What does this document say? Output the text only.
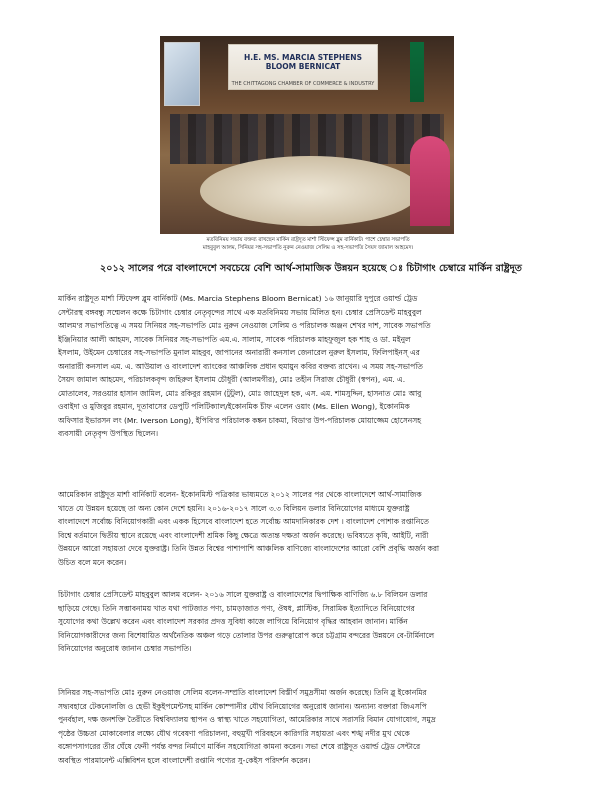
H.E. MS. MARCIA STEPHENS BLOOM BERNICAT
THE CHITTAGONG CHAMBER OF COMMERCE & INDUSTRY
মতবিনিময় সভায় বক্তব্য রাখছেন মার্কিন রাষ্ট্রদূত মার্শা স্টিফেন্স ব্লুম বার্নিকাট। পাশে চেম্বার সভাপতি
মাহবুবুল আলম, সিনিয়র সহ-সভাপতি নুরুন নেওয়াজ সেলিম ও সহ-সভাপতি সৈয়দ জামাল আহমেদ।
২০১২ সালের পরে বাংলাদেশে সবচেয়ে বেশি আর্থ-সামাজিক উন্নয়ন হয়েছে ঃ চিটাগাং চেম্বারে মার্কিন রাষ্ট্রদূত
মার্কিন রাষ্ট্রদূত মার্শা স্টিফেন্স ব্লুম বার্নিকাট (Ms. Marcia Stephens Bloom Bernicat) ১৬ জানুয়ারি দুপুরে ওয়ার্ল্ড ট্রেড
সেন্টারস্থ বঙ্গবন্ধু সম্মেলন কক্ষে চিটাগাং চেম্বার নেতৃবৃন্দের সাথে এক মতবিনিময় সভায় মিলিত হন। চেম্বার প্রেসিডেন্ট মাহবুবুল
আলম'র সভাপতিত্বে এ সময় সিনিয়র সহ-সভাপতি মোঃ নুরুন নেওয়াজ সেলিম ও পরিচালক অঞ্জন শেখর দাশ, সাবেক সভাপতি
ইঞ্জিনিয়ার আলী আহমদ, সাবেক সিনিয়র সহ-সভাপতি এম.এ. সালাম, সাবেক পরিচালক মাহফুজুল হক শাহ ও ডা. মইনুল
ইসলাম, উইমেন চেম্বারের সহ-সভাপতি মুনাল মাহবুব, জাপানের অনারারী কনসাল জেনারেল নুরুল ইসলাম, ফিলিপাইনস্ এর
অনারারী কনসাল এম. এ. আউয়াল ও বাংলাদেশ ব্যাংকের আঞ্চলিক প্রধান হুমায়ুন কবির বক্তব্য রাখেন। এ সময় সহ-সভাপতি
সৈয়দ জামাল আহমেদ, পরিচালকবৃন্দ জহিরুল ইসলাম চৌধুরী (আলমগীর), মোঃ তহীন সিরাজ চৌধুরী (স্বপন), এম. এ.
মোতালেব, সরওয়ার হাসান জামিল, মোঃ রকিবুর রহমান (টুটুল), মোঃ জাহেদুল হক, এস. এম. শামসুদ্দিন, হাসনাত মোঃ আবু
ওবাইদা ও মুজিবুর রহমান, দূতাবাসের ডেপুটি পলিটিক্যাল/ইকোনমিক চীফ এলেন ওয়াং (Ms. Ellen Wong), ইকোনমিক
অফিসার ইভারসন লং (Mr. Iverson Long), ইপিবি'র পরিচালক কঙ্কন চাকমা, বিডা'র উপ-পরিচালক মোয়াজ্জেম হোসেনসহ
ব্যবসায়ী নেতৃবৃন্দ উপস্থিত ছিলেন।
আমেরিকান রাষ্ট্রদূত মার্শা বার্নিকাট বলেন- ইকোনমিস্ট পত্রিকার ভাষ্যমতে ২০১২ সালের পর থেকে বাংলাদেশে আর্থ-সামাজিক
খাতে যে উন্নয়ন হয়েছে তা অন্য কোন দেশে হয়নি। ২০১৬-২০১৭ সালে ৩.৩ বিলিয়ন ডলার বিনিয়োগের মাধ্যমে যুক্তরাষ্ট্র
বাংলাদেশে সর্বোচ্চ বিনিয়োগকারী এবং একক হিসেবে বাংলাদেশ হতে সর্বোচ্চ আমদানিকারক দেশ । বাংলাদেশ পোশাক রপ্তানিতে
বিশ্বে বর্তমানে দ্বিতীয় স্থানে রয়েছে এবং বাংলাদেশী শ্রমিক কিছু ক্ষেত্রে অত্যন্ত দক্ষতা অর্জন করেছে। ভবিষ্যতে কৃষি, আইটি, নারী
উন্নয়নে আরো সহায়তা দেবে যুক্তরাষ্ট্র। তিনি উন্নত বিশ্বের পাশাপাশি আঞ্চলিক বাণিজ্যে বাংলাদেশের আরো বেশি প্রবৃদ্ধি অর্জন করা
উচিত বলে মনে করেন।
চিটাগাং চেম্বার প্রেসিডেন্ট মাহবুবুল আলম বলেন- ২০১৬ সালে যুক্তরাষ্ট্র ও বাংলাদেশের দ্বিপাক্ষিক বাণিজ্যি ৬.৮ বিলিয়ন ডলার
ছাড়িয়ে গেছে। তিনি সম্ভাবনাময় খাত যথা পাটজাত পণ্য, চামড়াজাত পণ্য, ঔষধ, প্লাস্টিক, সিরামিক ইত্যাদিতে বিনিয়োগের
সুযোগের কথা উল্লেখ করেন এবং বাংলাদেশ সরকার প্রদত্ত সুবিধা কাজে লাগিয়ে বিনিয়োগ বৃদ্ধির আহবান জানান। মার্কিন
বিনিয়োগকারীদের জন্য বিশেষায়িত অর্থনৈতিক অঞ্চল গড়ে তোলার উপর গুরুত্বারোপ করে চট্টগ্রাম বন্দরের উন্নয়নে বে-টার্মিনালে
বিনিয়োগের অনুরোধ জানান চেম্বার সভাপতি।
সিনিয়র সহ-সভাপতি মোঃ নুরুন নেওয়াজ সেলিম বলেন-সম্প্রতি বাংলাদেশ বিস্তীর্ণ সমুদ্রসীমা অর্জন করেছে। তিনি ব্লু ইকোনমির
সদ্ব্যবহারে টেকনোলজি ও হেভী ইকুইপমেন্টসহ মার্কিন কোম্পানীর যৌথ বিনিয়োগের অনুরোধ জানান। অন্যান্য বক্তারা জিএসপি
পুনর্বহাল, দক্ষ জনশক্তি তৈরীতে বিশ্ববিদ্যালয় স্থাপন ও স্বাস্থ্য খাতে সহযোগিতা, আমেরিকার সাথে সরাসরি বিমান যোগাযোগ, সমুদ্র
পৃষ্ঠের উচ্চতা মোকাবেলার লক্ষ্যে যৌথ গবেষণা পরিচালনা, বহুমুখী পরিবহনে কারিগরি সহায়তা এবং শঙ্খ নদীর মুখ থেকে
বঙ্গোপসাগরের তীর ঘেঁষে ফেনী পর্যন্ত বন্দর নির্মাণে মার্কিন সহযোগিতা কামনা করেন। সভা শেষে রাষ্ট্রদূত ওয়ার্ল্ড ট্রেড সেন্টারে
অবস্থিত পারমানেন্ট এক্সিবিশন হলে বাংলাদেশী রপ্তানি পণ্যের সু-কেইস পরিদর্শন করেন।
